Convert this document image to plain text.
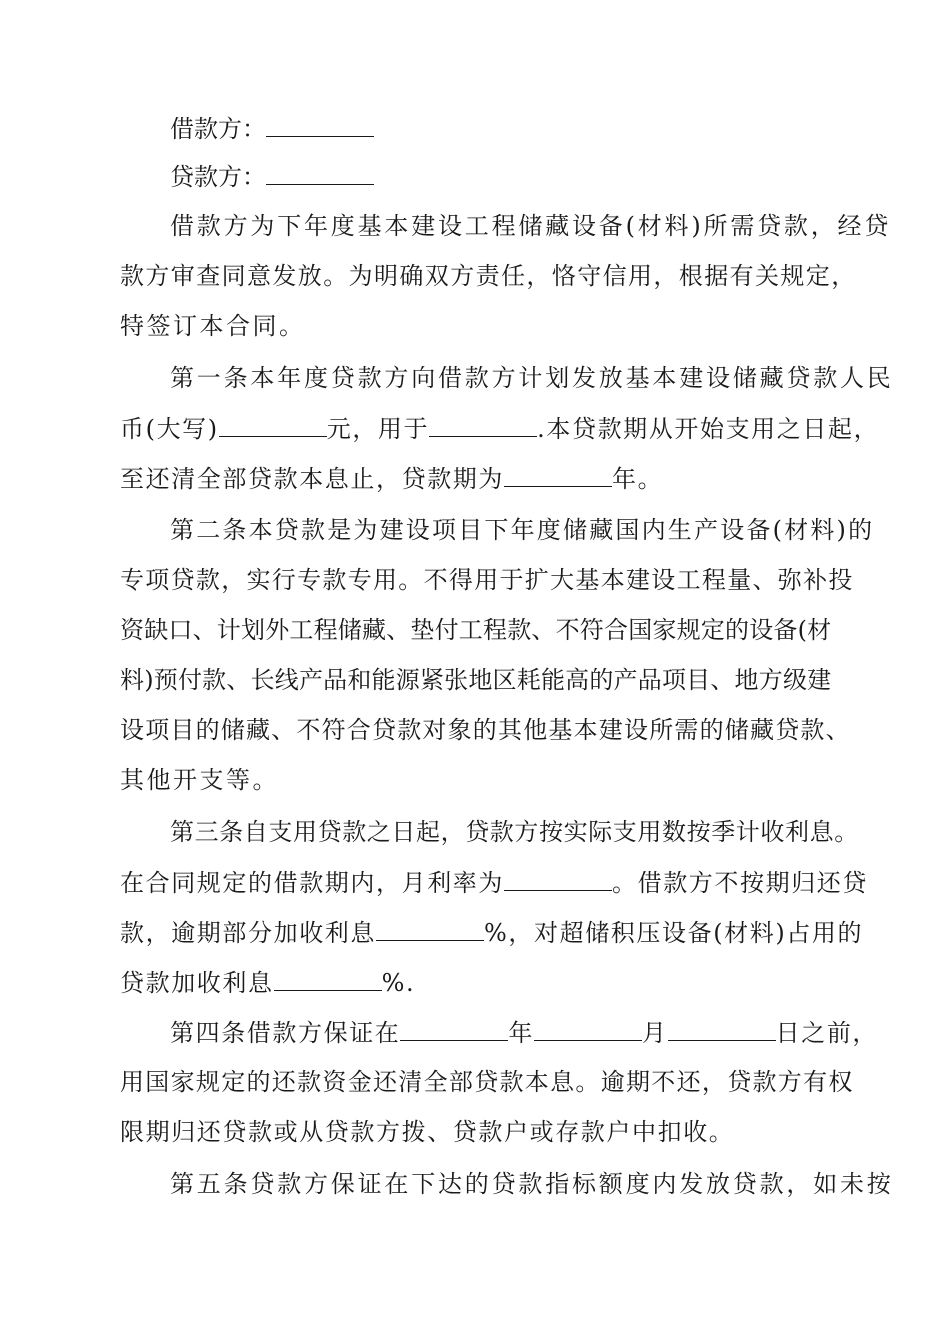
借款方：
贷款方：
借款方为下年度基本建设工程储藏设备(材料)所需贷款，经贷
款方审查同意发放。为明确双方责任，恪守信用，根据有关规定，
特签订本合同。
第一条本年度贷款方向借款方计划发放基本建设储藏贷款人民
币(大写)	元，用于	.本贷款期从开始支用之日起，
至还清全部贷款本息止，贷款期为	年。
第二条本贷款是为建设项目下年度储藏国内生产设备(材料)的
专项贷款，实行专款专用。不得用于扩大基本建设工程量、弥补投
资缺口、计划外工程储藏、垫付工程款、不符合国家规定的设备(材
料)预付款、长线产品和能源紧张地区耗能高的产品项目、地方级建
设项目的储藏、不符合贷款对象的其他基本建设所需的储藏贷款、
其他开支等。
第三条自支用贷款之日起，贷款方按实际支用数按季计收利息。
在合同规定的借款期内，月利率为	。借款方不按期归还贷
款，逾期部分加收利息	%，对超储积压设备(材料)占用的
贷款加收利息	%.
第四条借款方保证在	年	月	日之前，
用国家规定的还款资金还清全部贷款本息。逾期不还，贷款方有权
限期归还贷款或从贷款方拨、贷款户或存款户中扣收。
第五条贷款方保证在下达的贷款指标额度内发放贷款，如未按
